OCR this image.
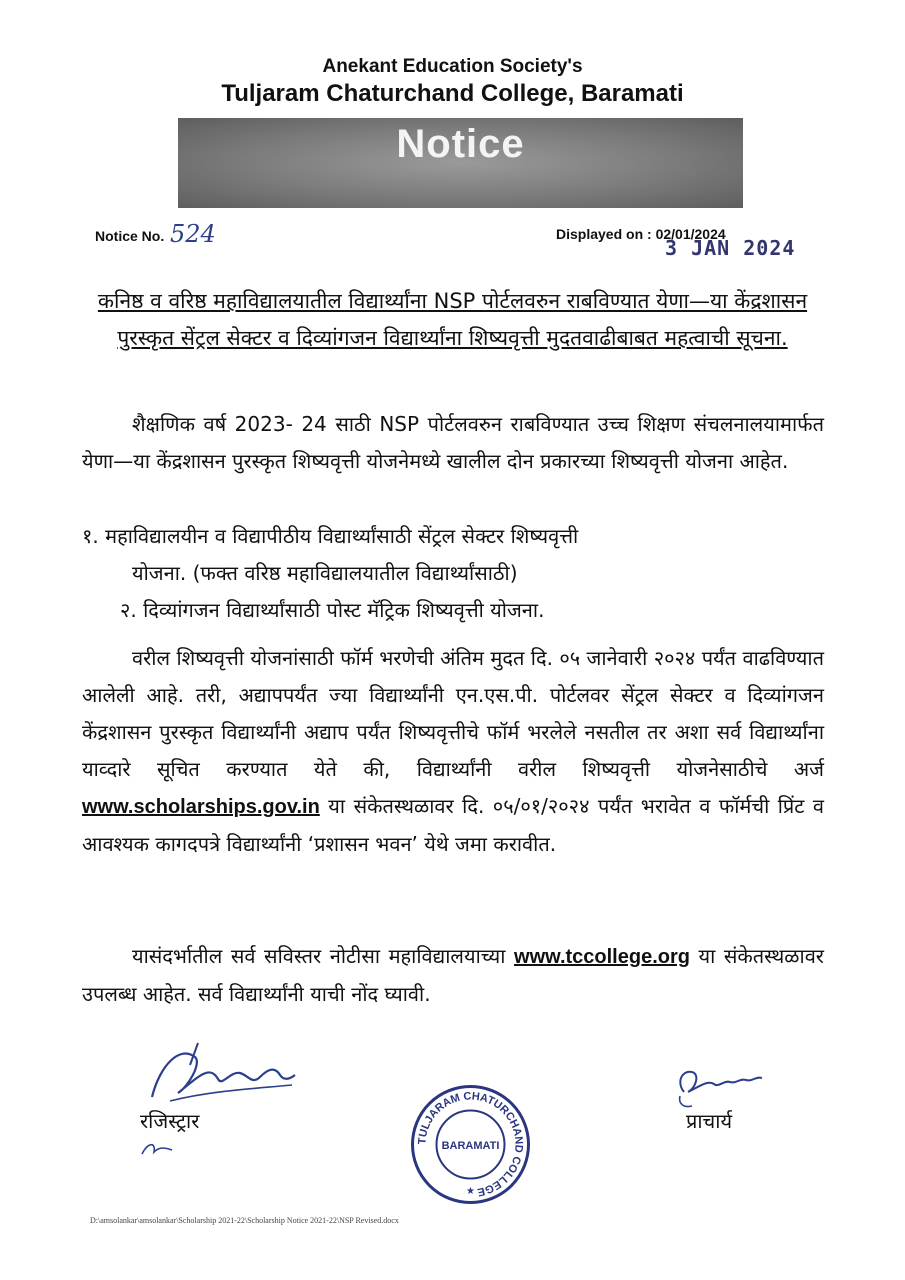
Anekant Education Society's
Tuljaram Chaturchand College, Baramati
Notice
Notice No. 524	Displayed on : 02/01/2024
3 JAN 2024
कनिष्ठ व वरिष्ठ महाविद्यालयातील विद्यार्थ्यांना NSP पोर्टलवरुन राबविण्यात येणा—या केंद्रशासन पुरस्कृत सेंट्रल सेक्टर व दिव्यांगजन विद्यार्थ्यांना शिष्यवृत्ती मुदतवाढीबाबत महत्वाची सूचना.
शैक्षणिक वर्ष 2023- 24 साठी NSP पोर्टलवरुन राबविण्यात उच्च शिक्षण संचलनालयामार्फत येणा—या केंद्रशासन पुरस्कृत शिष्यवृत्ती योजनेमध्ये खालील दोन प्रकारच्या शिष्यवृत्ती योजना आहेत.
१. महाविद्यालयीन व विद्यापीठीय विद्यार्थ्यांसाठी सेंट्रल सेक्टर शिष्यवृत्ती
योजना. (फक्त वरिष्ठ महाविद्यालयातील विद्यार्थ्यांसाठी)
२. दिव्यांगजन विद्यार्थ्यांसाठी पोस्ट मॅट्रिक शिष्यवृत्ती योजना.
वरील शिष्यवृत्ती योजनांसाठी फॉर्म भरणेची अंतिम मुदत दि. ०५ जानेवारी २०२४ पर्यंत वाढविण्यात आलेली आहे. तरी, अद्यापपर्यंत ज्या विद्यार्थ्यांनी एन.एस.पी. पोर्टलवर सेंट्रल सेक्टर व दिव्यांगजन केंद्रशासन पुरस्कृत विद्यार्थ्यांनी अद्याप पर्यंत शिष्यवृत्तीचे फॉर्म भरलेले नसतील तर अशा सर्व विद्यार्थ्यांना याव्दारे सूचित करण्यात येते की, विद्यार्थ्यांनी वरील शिष्यवृत्ती योजनेसाठीचे अर्ज www.scholarships.gov.in या संकेतस्थळावर दि. ०५/०१/२०२४ पर्यंत भरावेत व फॉर्मची प्रिंट व आवश्यक कागदपत्रे विद्यार्थ्यांनी ‘प्रशासन भवन’ येथे जमा करावीत.
यासंदर्भातील सर्व सविस्तर नोटीसा महाविद्यालयाच्या www.tccollege.org या संकेतस्थळावर उपलब्ध आहेत. सर्व विद्यार्थ्यांनी याची नोंद घ्यावी.
रजिस्ट्रार
TULJARAM CHATURCHAND COLLEGE
BARAMATI
★
प्राचार्य
D:\amsolankar\amsolankar\Scholarship 2021-22\Scholarship Notice 2021-22\NSP Revised.docx
